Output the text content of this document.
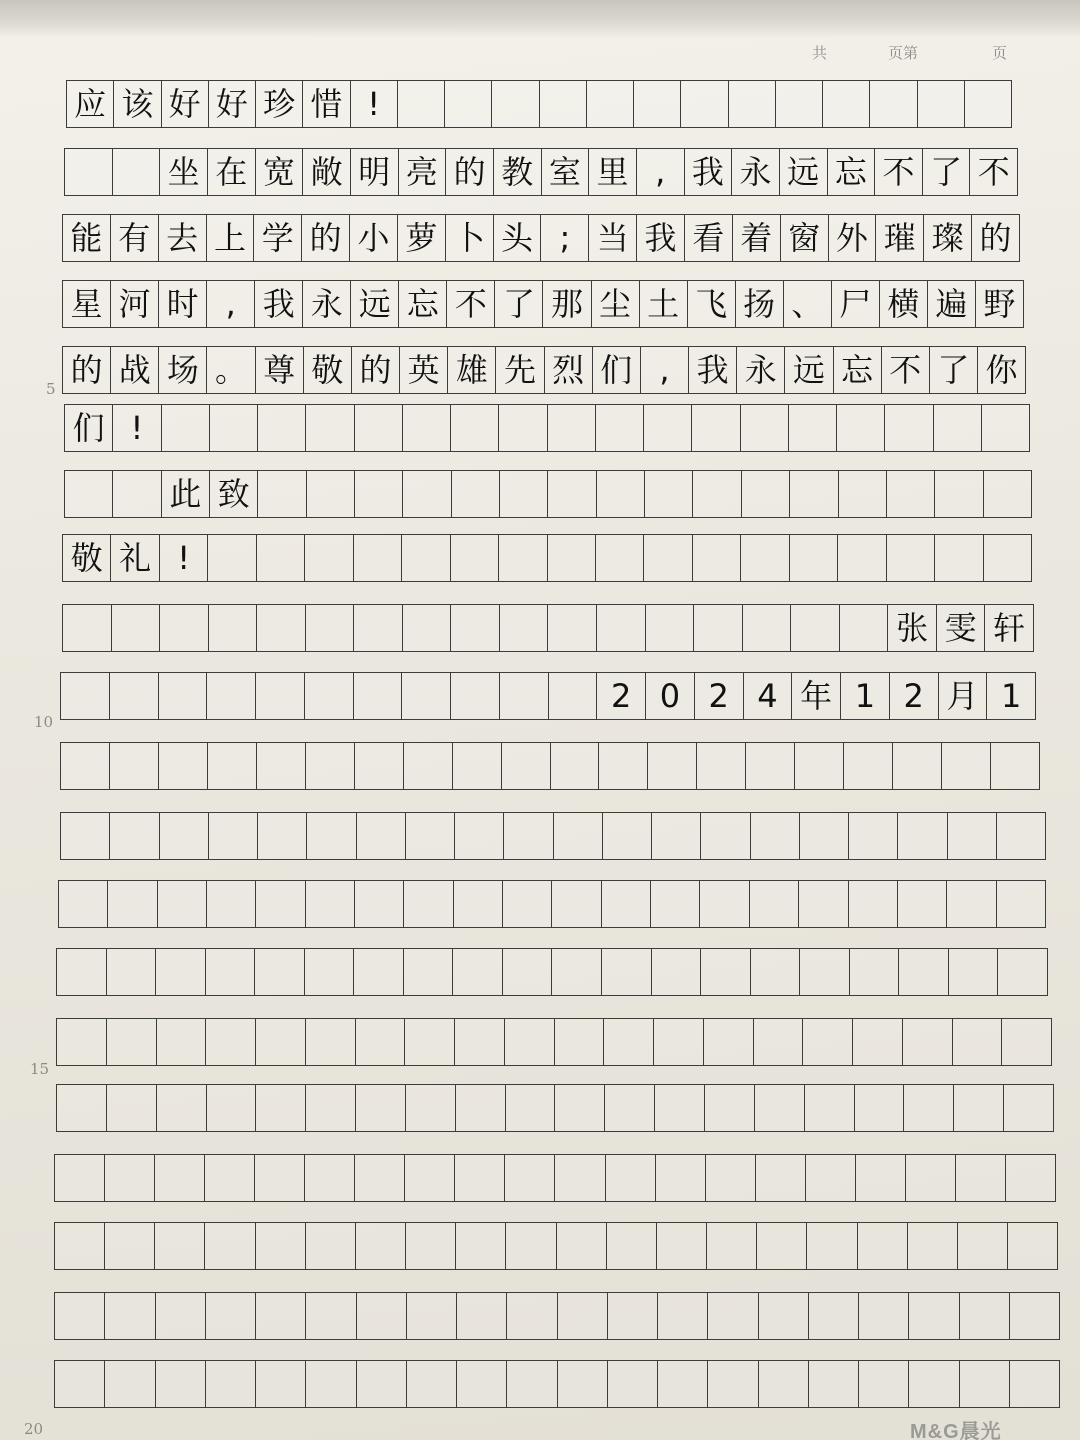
共	页第	页
应 该 好 好 珍 惜 !
坐 在 宽 敞 明 亮 的 教 室 里 , 我 永 远 忘 不 了 不
能 有 去 上 学 的 小 萝 卜 头 ; 当 我 看 着 窗 外 璀 璨 的
星 河 时 , 我 永 远 忘 不 了 那 尘 土 飞 扬 、 尸 横 遍 野
的 战 场 。 尊 敬 的 英 雄 先 烈 们 , 我 永 远 忘 不 了 你
们 !
此 致
敬 礼 !
张 雯 轩
2 0 2 4 年 1 2 月 1
5
10
15
20	M&G晨光
